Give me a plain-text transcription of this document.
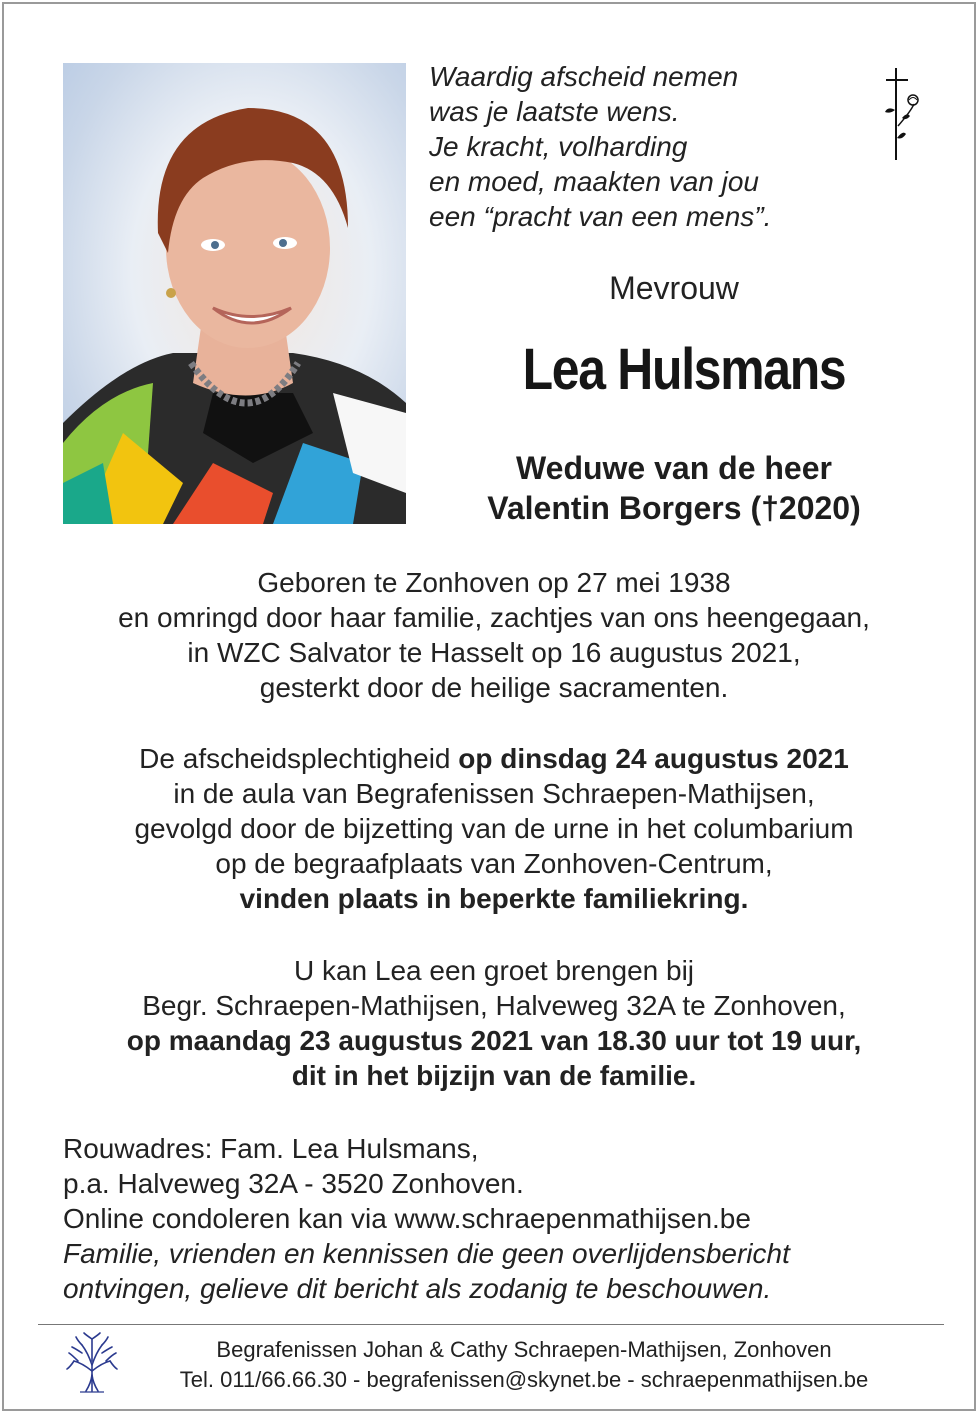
Waardig afscheid nemen
was je laatste wens.
Je kracht, volharding
en moed, maakten van jou
een “pracht van een mens”.
Mevrouw
Lea Hulsmans
Weduwe van de heer
Valentin Borgers (†2020)
Geboren te Zonhoven op 27 mei 1938
en omringd door haar familie, zachtjes van ons heengegaan,
in WZC Salvator te Hasselt op 16 augustus 2021,
gesterkt door de heilige sacramenten.
De afscheidsplechtigheid op dinsdag 24 augustus 2021
in de aula van Begrafenissen Schraepen-Mathijsen,
gevolgd door de bijzetting van de urne in het columbarium
op de begraafplaats van Zonhoven-Centrum,
vinden plaats in beperkte familiekring.
U kan Lea een groet brengen bij
Begr. Schraepen-Mathijsen, Halveweg 32A te Zonhoven,
op maandag 23 augustus 2021 van 18.30 uur tot 19 uur,
dit in het bijzijn van de familie.
Rouwadres: Fam. Lea Hulsmans,
p.a. Halveweg 32A - 3520 Zonhoven.
Online condoleren kan via www.schraepenmathijsen.be
Familie, vrienden en kennissen die geen overlijdensbericht
ontvingen, gelieve dit bericht als zodanig te beschouwen.
Begrafenissen Johan & Cathy Schraepen-Mathijsen, Zonhoven
Tel. 011/66.66.30 - begrafenissen@skynet.be - schraepenmathijsen.be
